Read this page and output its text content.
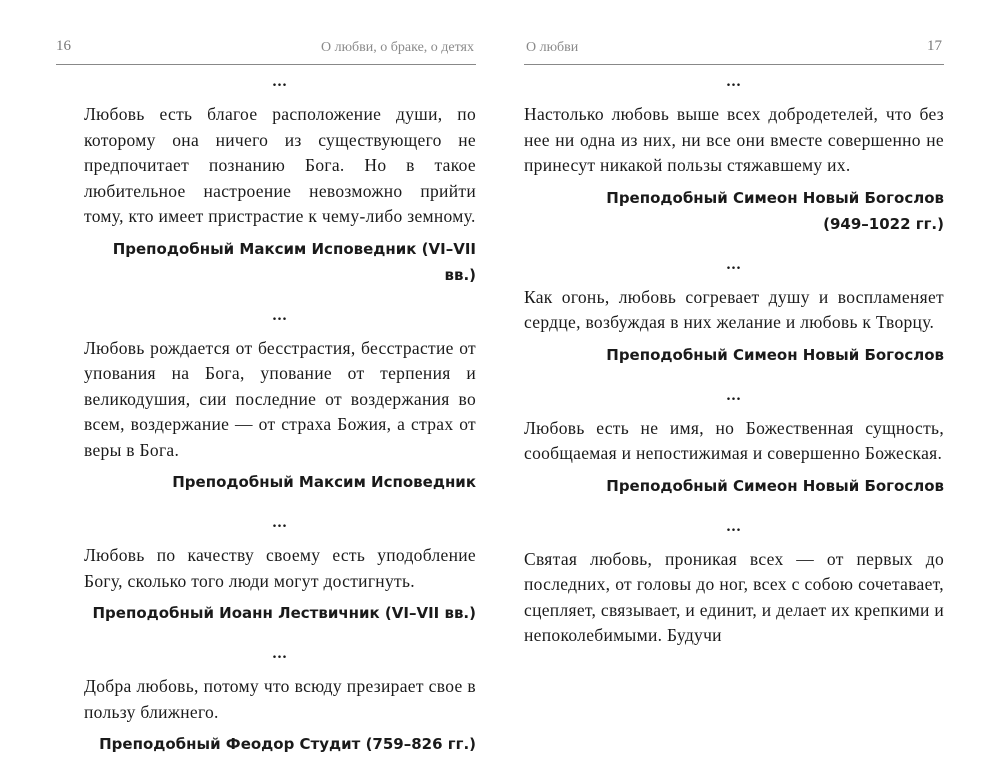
16	О любви, о браке, о детях
...

Любовь есть благое расположение души, по которому она ничего из существующего не предпочитает познанию Бога. Но в такое любительное настроение невозможно прийти тому, кто имеет пристрастие к чему-либо земному.

Преподобный Максим Исповедник (VI–VII вв.)
...

Любовь рождается от бесстрастия, бесстрастие от упования на Бога, упование от терпения и великодушия, сии последние от воздержания во всем, воздержание — от страха Божия, а страх от веры в Бога.

Преподобный Максим Исповедник
...

Любовь по качеству своему есть уподобление Богу, сколько того люди могут достигнуть.

Преподобный Иоанн Лествичник (VI–VII вв.)
...

Добра любовь, потому что всюду презирает свое в пользу ближнего.

Преподобный Феодор Студит (759–826 гг.)
О любви	17
...

Настолько любовь выше всех добродетелей, что без нее ни одна из них, ни все они вместе совершенно не принесут никакой пользы стяжавшему их.

Преподобный Симеон Новый Богослов
(949–1022 гг.)
...

Как огонь, любовь согревает душу и воспламеняет сердце, возбуждая в них желание и любовь к Творцу.

Преподобный Симеон Новый Богослов
...

Любовь есть не имя, но Божественная сущность, сообщаемая и непостижимая и совершенно Божеская.

Преподобный Симеон Новый Богослов
...

Святая любовь, проникая всех — от первых до последних, от головы до ног, всех с собою сочетавает, сцепляет, связывает, и единит, и делает их крепкими и непоколебимыми. Будучи
